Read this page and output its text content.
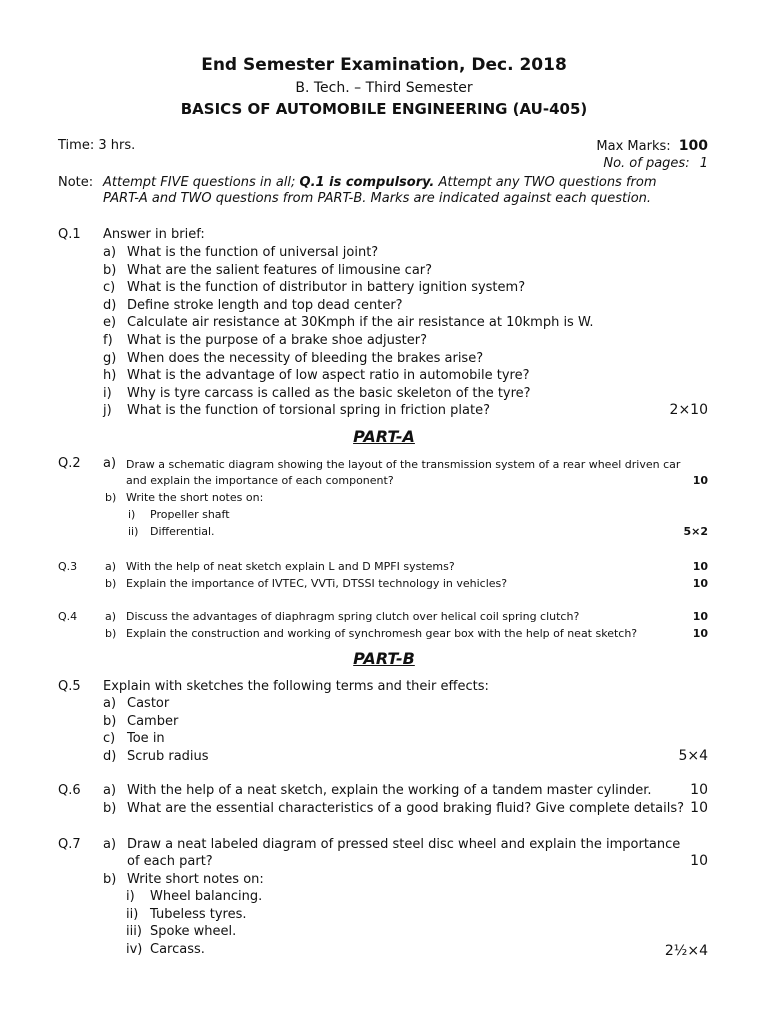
End Semester Examination, Dec. 2018
B. Tech. – Third Semester
BASICS OF AUTOMOBILE ENGINEERING (AU-405)
Time: 3 hrs.	Max Marks: 100
No. of pages: 1
Note: Attempt FIVE questions in all; Q.1 is compulsory. Attempt any TWO questions from
PART-A and TWO questions from PART-B. Marks are indicated against each question.
Q.1 Answer in brief:
a) What is the function of universal joint?
b) What are the salient features of limousine car?
c) What is the function of distributor in battery ignition system?
d) Define stroke length and top dead center?
e) Calculate air resistance at 30Kmph if the air resistance at 10kmph is W.
f) What is the purpose of a brake shoe adjuster?
g) When does the necessity of bleeding the brakes arise?
h) What is the advantage of low aspect ratio in automobile tyre?
i) Why is tyre carcass is called as the basic skeleton of the tyre?
j) What is the function of torsional spring in friction plate?	2×10
PART-A
Q.2 a) Draw a schematic diagram showing the layout of the transmission system of a rear wheel driven car
and explain the importance of each component?	10
b) Write the short notes on:
i) Propeller shaft
ii) Differential.	5×2
Q.3	a) With the help of neat sketch explain L and D MPFI systems?	10
b) Explain the importance of IVTEC, VVTi, DTSSI technology in vehicles?	10
Q.4	a) Discuss the advantages of diaphragm spring clutch over helical coil spring clutch?	10
b) Explain the construction and working of synchromesh gear box with the help of neat sketch?	10
PART-B
Q.5 Explain with sketches the following terms and their effects:
a) Castor
b) Camber
c) Toe in
d) Scrub radius	5×4
Q.6 a) With the help of a neat sketch, explain the working of a tandem master cylinder.	10
b) What are the essential characteristics of a good braking fluid? Give complete details? 10
Q.7 a) Draw a neat labeled diagram of pressed steel disc wheel and explain the importance
of each part?	10
b) Write short notes on:
i) Wheel balancing.
ii) Tubeless tyres.
iii) Spoke wheel.
iv) Carcass.	2½×4
